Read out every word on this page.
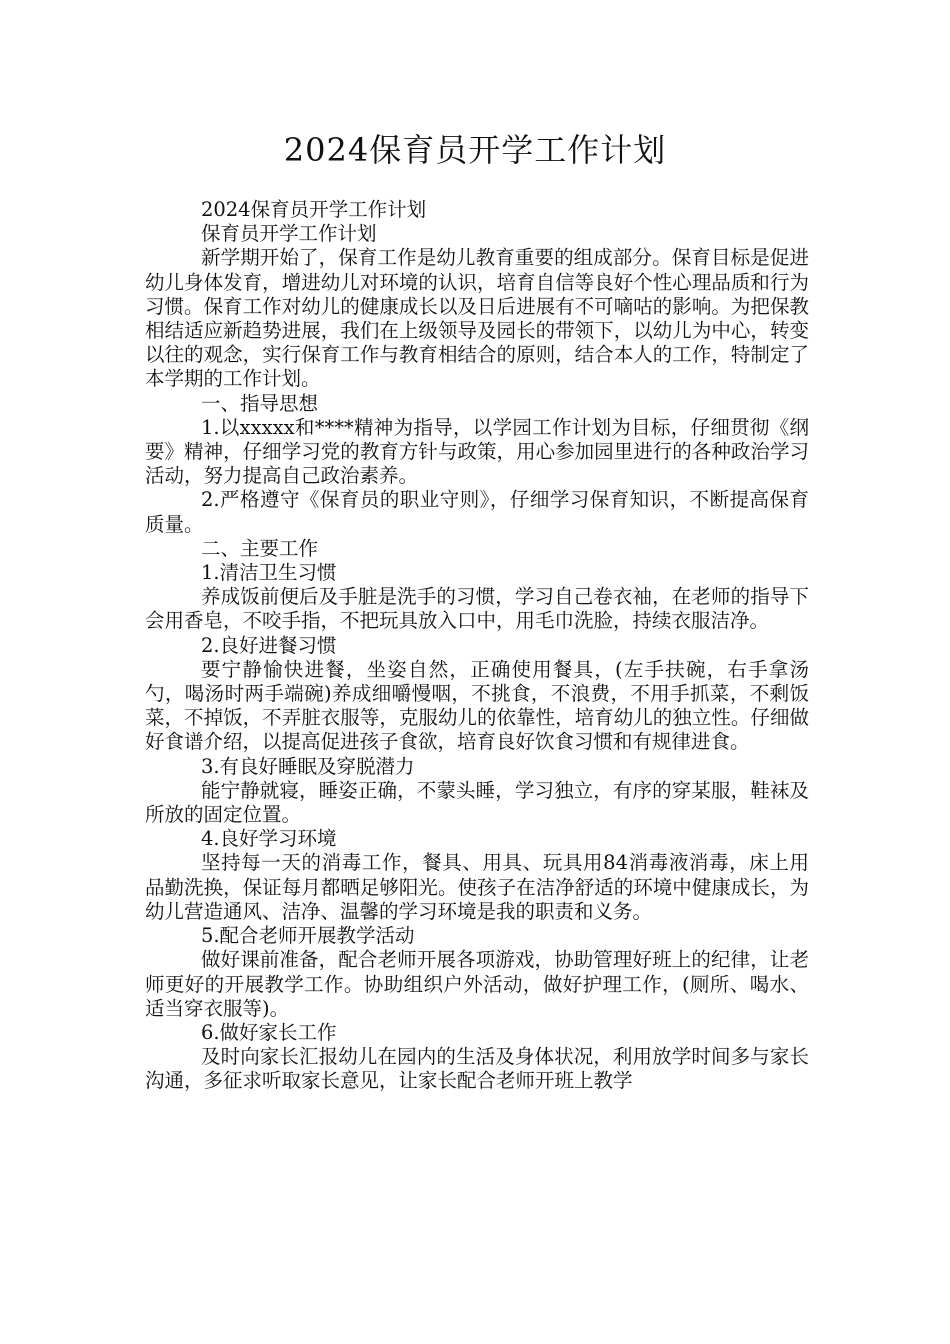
2024保育员开学工作计划

2024保育员开学工作计划

保育员开学工作计划

新学期开始了，保育工作是幼儿教育重要的组成部分。保育目标是促进幼儿身体发育，增进幼儿对环境的认识，培育自信等良好个性心理品质和行为习惯。保育工作对幼儿的健康成长以及日后进展有不可嘀咕的影响。为把保教相结适应新趋势进展，我们在上级领导及园长的带领下，以幼儿为中心，转变以往的观念，实行保育工作与教育相结合的原则，结合本人的工作，特制定了本学期的工作计划。

一、指导思想

1.以xxxxx和****精神为指导，以学园工作计划为目标，仔细贯彻《纲要》精神，仔细学习党的教育方针与政策，用心参加园里进行的各种政治学习活动，努力提高自己政治素养。

2.严格遵守《保育员的职业守则》，仔细学习保育知识，不断提高保育质量。

二、主要工作

1.清洁卫生习惯

养成饭前便后及手脏是洗手的习惯，学习自己卷衣袖，在老师的指导下会用香皂，不咬手指，不把玩具放入口中，用毛巾洗脸，持续衣服洁净。

2.良好进餐习惯

要宁静愉快进餐，坐姿自然，正确使用餐具，(左手扶碗，右手拿汤勺，喝汤时两手端碗)养成细嚼慢咽，不挑食，不浪费，不用手抓菜，不剩饭菜，不掉饭，不弄脏衣服等，克服幼儿的依靠性，培育幼儿的独立性。仔细做好食谱介绍，以提高促进孩子食欲，培育良好饮食习惯和有规律进食。

3.有良好睡眠及穿脱潜力

能宁静就寝，睡姿正确，不蒙头睡，学习独立，有序的穿某服，鞋袜及所放的固定位置。

4.良好学习环境

坚持每一天的消毒工作，餐具、用具、玩具用84消毒液消毒，床上用品勤洗换，保证每月都晒足够阳光。使孩子在洁净舒适的环境中健康成长，为幼儿营造通风、洁净、温馨的学习环境是我的职责和义务。

5.配合老师开展教学活动

做好课前准备，配合老师开展各项游戏，协助管理好班上的纪律，让老师更好的开展教学工作。协助组织户外活动，做好护理工作，(厕所、喝水、适当穿衣服等)。

6.做好家长工作

及时向家长汇报幼儿在园内的生活及身体状况，利用放学时间多与家长沟通，多征求听取家长意见，让家长配合老师开班上教学
